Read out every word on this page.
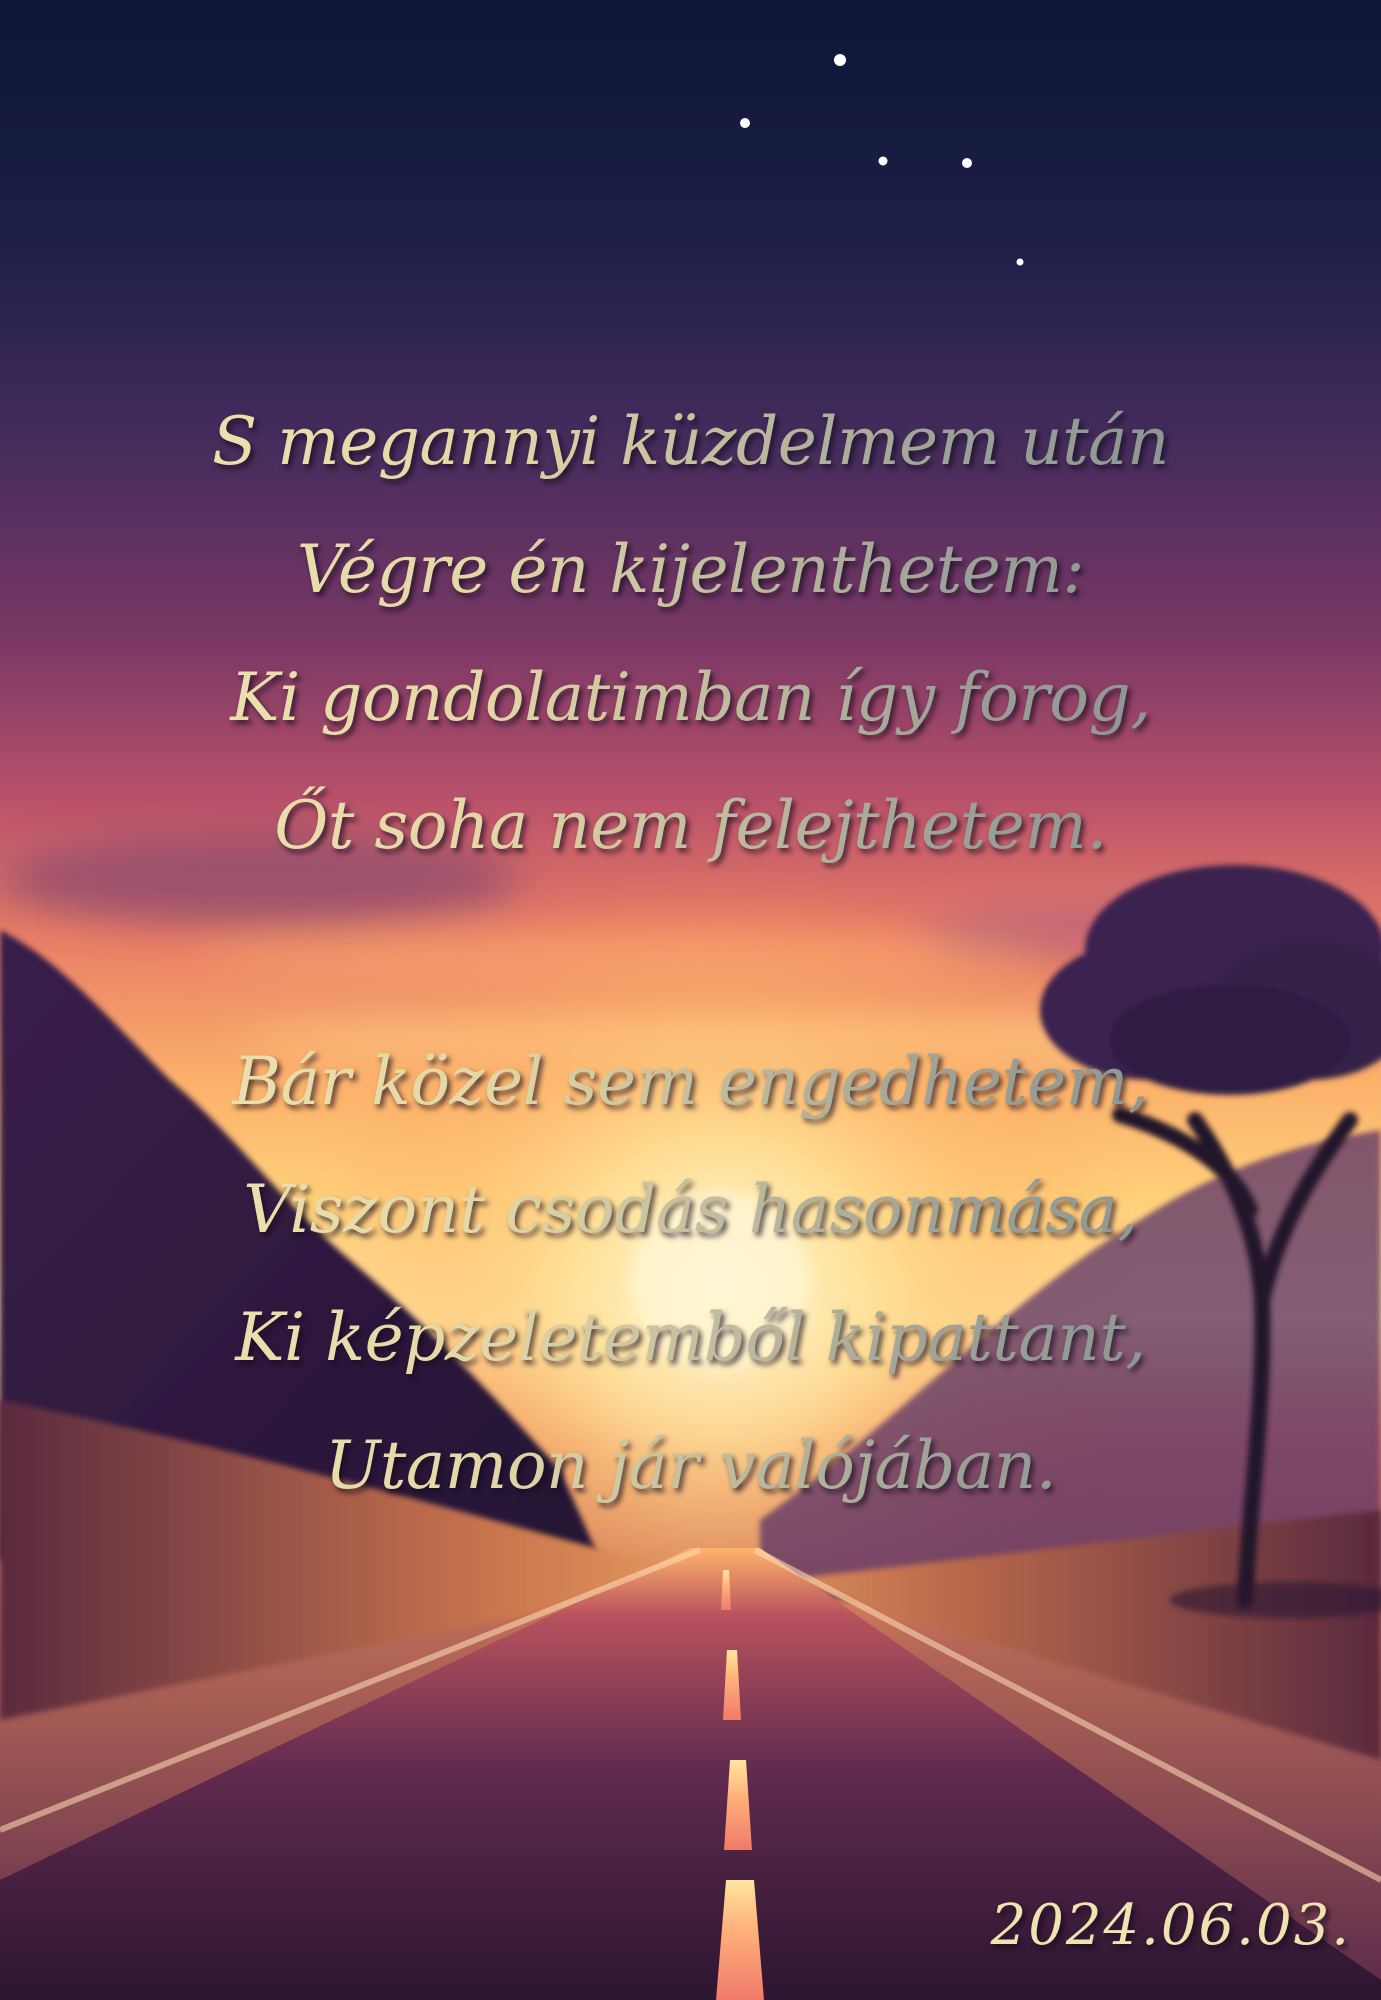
S megannyi küzdelmem után
Végre én kijelenthetem:
Ki gondolatimban így forog,
Őt soha nem felejthetem.

Bár közel sem engedhetem,
Viszont csodás hasonmása,
Ki képzeletemből kipattant,
Utamon jár valójában.

2024.06.03.
